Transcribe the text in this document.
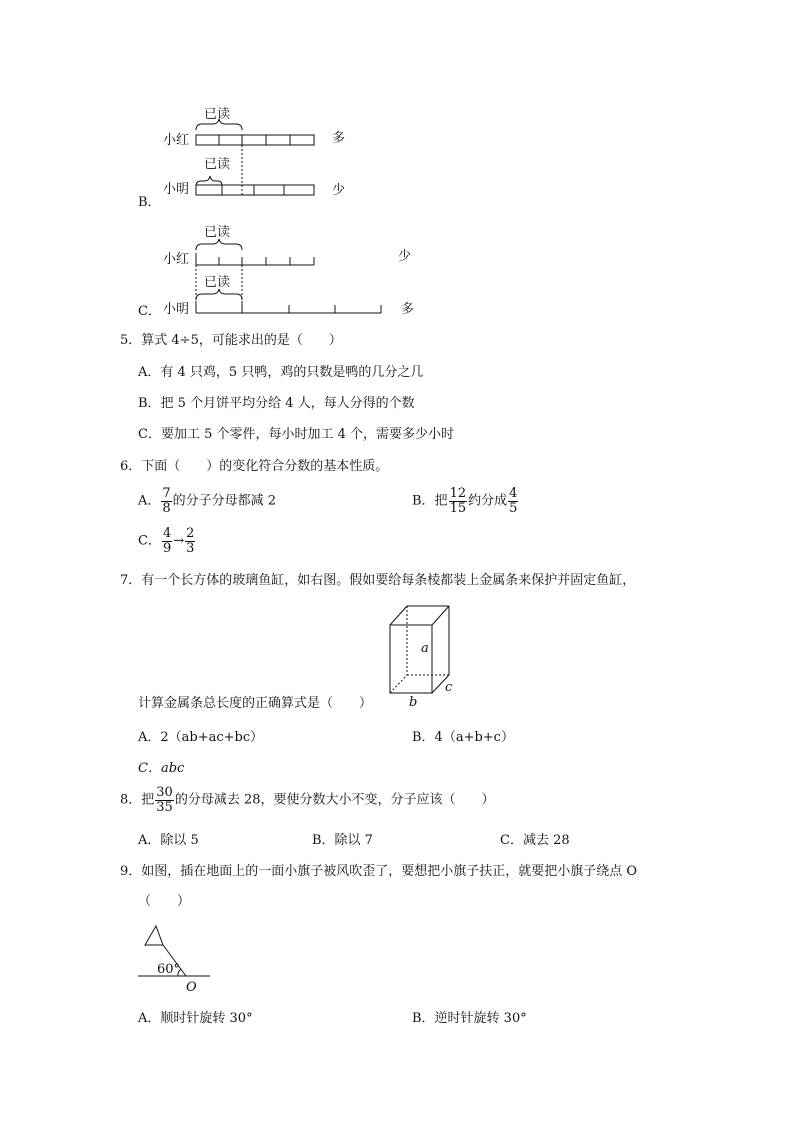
B．
已读
小红	多
已读
小明	少
C．
已读
小红	少
已读
小明	多
5．算式 4÷5，可能求出的是（　　）
A．有 4 只鸡，5 只鸭，鸡的只数是鸭的几分之几
B．把 5 个月饼平均分给 4 人，每人分得的个数
C．要加工 5 个零件，每小时加工 4 个，需要多少小时
6．下面（　　）的变化符合分数的基本性质。
A． $\frac{7}{8}$ 的分子分母都减 2	B．把 $\frac{12}{15}$ 约分成 $\frac{4}{5}$
C． $\frac{4}{9} \to \frac{2}{3}$
7．有一个长方体的玻璃鱼缸，如右图。假如要给每条棱都装上金属条来保护并固定鱼缸，
a
c
b
计算金属条总长度的正确算式是（　　）
A．2（ab+ac+bc）	B．4（a+b+c）
C．abc
8．把 $\frac{30}{35}$ 的分母减去 28，要使分数大小不变，分子应该（　　）
A．除以 5	B．除以 7	C．减去 28
9．如图，插在地面上的一面小旗子被风吹歪了，要想把小旗子扶正，就要把小旗子绕点 O
（　　）
60°
O
A．顺时针旋转 30°	B．逆时针旋转 30°
